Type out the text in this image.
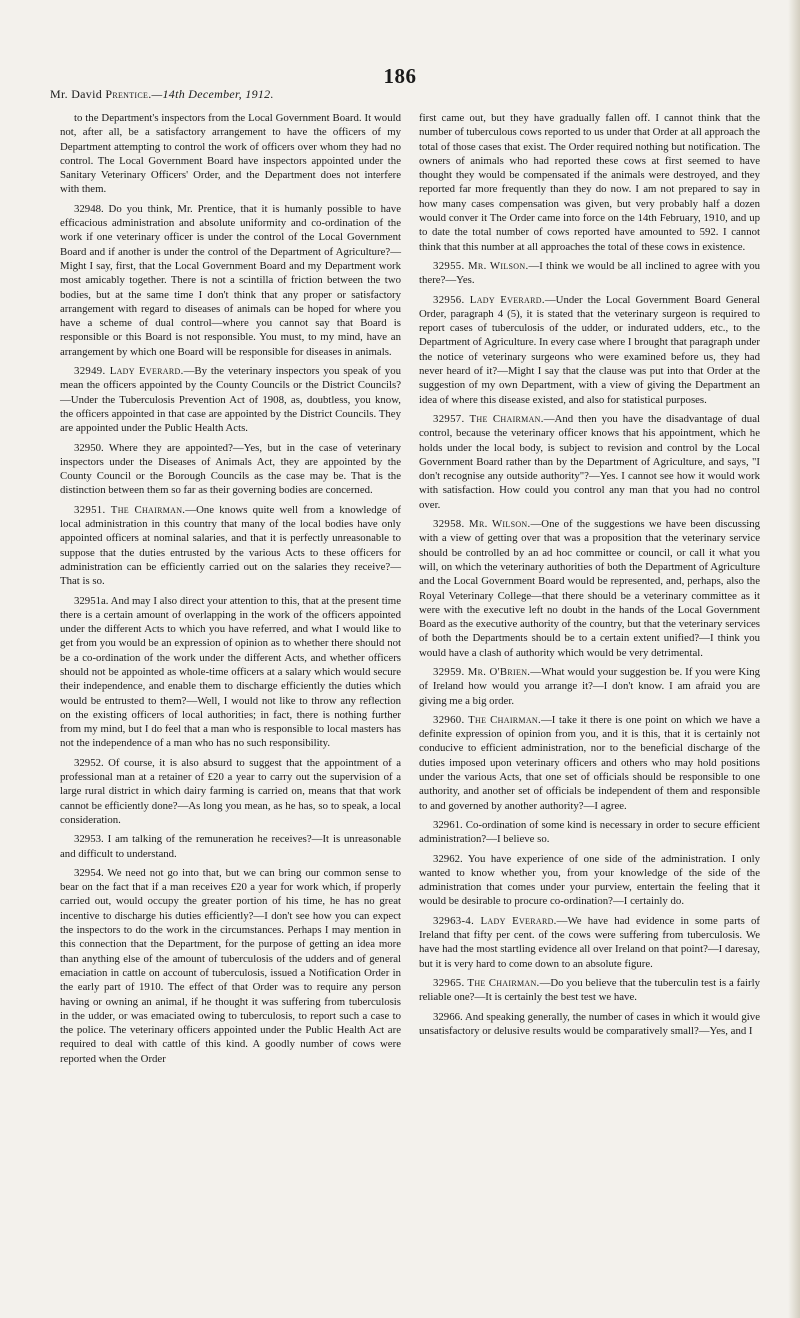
186
Mr. David Prentice.—14th December, 1912.

to the Department's inspectors from the Local Government Board. It would not, after all, be a satisfactory arrangement to have the officers of my Department attempting to control the work of officers over whom they had no control. The Local Government Board have inspectors appointed under the Sanitary Veterinary Officers' Order, and the Department does not interfere with them.

32948. Do you think, Mr. Prentice, that it is humanly possible to have efficacious administration and absolute uniformity and co-ordination of the work if one veterinary officer is under the control of the Local Government Board and if another is under the control of the Department of Agriculture?—Might I say, first, that the Local Government Board and my Department work most amicably together. There is not a scintilla of friction between the two bodies, but at the same time I don't think that any proper or satisfactory arrangement with regard to diseases of animals can be hoped for where you have a scheme of dual control—where you cannot say that Board is responsible or this Board is not responsible. You must, to my mind, have an arrangement by which one Board will be responsible for diseases in animals.

32949. Lady Everard.—By the veterinary inspectors you speak of you mean the officers appointed by the County Councils or the District Councils?—Under the Tuberculosis Prevention Act of 1908, as, doubtless, you know, the officers appointed in that case are appointed by the District Councils. They are appointed under the Public Health Acts.

32950. Where they are appointed?—Yes, but in the case of veterinary inspectors under the Diseases of Animals Act, they are appointed by the County Council or the Borough Councils as the case may be. That is the distinction between them so far as their governing bodies are concerned.

32951. The Chairman.—One knows quite well from a knowledge of local administration in this country that many of the local bodies have only appointed officers at nominal salaries, and that it is perfectly unreasonable to suppose that the duties entrusted by the various Acts to these officers for administration can be efficiently carried out on the salaries they receive?—That is so.

32951a. And may I also direct your attention to this, that at the present time there is a certain amount of overlapping in the work of the officers appointed under the different Acts to which you have referred, and what I would like to get from you would be an expression of opinion as to whether there should not be a co-ordination of the work under the different Acts, and whether officers should not be appointed as whole-time officers at a salary which would secure their independence, and enable them to discharge efficiently the duties which would be entrusted to them?—Well, I would not like to throw any reflection on the existing officers of local authorities; in fact, there is nothing further from my mind, but I do feel that a man who is responsible to local masters has not the independence of a man who has no such responsibility.

32952. Of course, it is also absurd to suggest that the appointment of a professional man at a retainer of £20 a year to carry out the supervision of a large rural district in which dairy farming is carried on, means that that work cannot be efficiently done?—As long you mean, as he has, so to speak, a local consideration.

32953. I am talking of the remuneration he receives?—It is unreasonable and difficult to understand.

32954. We need not go into that, but we can bring our common sense to bear on the fact that if a man receives £20 a year for work which, if properly carried out, would occupy the greater portion of his time, he has no great incentive to discharge his duties efficiently?—I don't see how you can expect the inspectors to do the work in the circumstances. Perhaps I may mention in this connection that the Department, for the purpose of getting an idea more than anything else of the amount of tuberculosis of the udders and of general emaciation in cattle on account of tuberculosis, issued a Notification Order in the early part of 1910. The effect of that Order was to require any person having or owning an animal, if he thought it was suffering from tuberculosis in the udder, or was emaciated owing to tuberculosis, to report such a case to the police. The veterinary officers appointed under the Public Health Act are required to deal with cattle of this kind. A goodly number of cows were reported when the Order

first came out, but they have gradually fallen off. I cannot think that the number of tuberculous cows reported to us under that Order at all approach the total of those cases that exist. The Order required nothing but notification. The owners of animals who had reported these cows at first seemed to have thought they would be compensated if the animals were destroyed, and they reported far more frequently than they do now. I am not prepared to say in how many cases compensation was given, but very probably half a dozen would conver it The Order came into force on the 14th February, 1910, and up to date the total number of cows reported have amounted to 592. I cannot think that this number at all approaches the total of these cows in existence.

32955. Mr. Wilson.—I think we would be all inclined to agree with you there?—Yes.

32956. Lady Everard.—Under the Local Government Board General Order, paragraph 4 (5), it is stated that the veterinary surgeon is required to report cases of tuberculosis of the udder, or indurated udders, etc., to the Department of Agriculture. In every case where I brought that paragraph under the notice of veterinary surgeons who were examined before us, they had never heard of it?—Might I say that the clause was put into that Order at the suggestion of my own Department, with a view of giving the Department an idea of where this disease existed, and also for statistical purposes.

32957. The Chairman.—And then you have the disadvantage of dual control, because the veterinary officer knows that his appointment, which he holds under the local body, is subject to revision and control by the Local Government Board rather than by the Department of Agriculture, and says, "I don't recognise any outside authority"?—Yes. I cannot see how it would work with satisfaction. How could you control any man that you had no control over.

32958. Mr. Wilson.—One of the suggestions we have been discussing with a view of getting over that was a proposition that the veterinary service should be controlled by an ad hoc committee or council, or call it what you will, on which the veterinary authorities of both the Department of Agriculture and the Local Government Board would be represented, and, perhaps, also the Royal Veterinary College—that there should be a veterinary committee as it were with the executive left no doubt in the hands of the Local Government Board as the executive authority of the country, but that the veterinary services of both the Departments should be to a certain extent unified?—I think you would have a clash of authority which would be very detrimental.

32959. Mr. O'Brien.—What would your suggestion be. If you were King of Ireland how would you arrange it?—I don't know. I am afraid you are giving me a big order.

32960. The Chairman.—I take it there is one point on which we have a definite expression of opinion from you, and it is this, that it is certainly not conducive to efficient administration, nor to the beneficial discharge of the duties imposed upon veterinary officers and others who may hold positions under the various Acts, that one set of officials should be responsible to one authority, and another set of officials be independent of them and responsible to and governed by another authority?—I agree.

32961. Co-ordination of some kind is necessary in order to secure efficient administration?—I believe so.

32962. You have experience of one side of the administration. I only wanted to know whether you, from your knowledge of the side of the administration that comes under your purview, entertain the feeling that it would be desirable to procure co-ordination?—I certainly do.

32963-4. Lady Everard.—We have had evidence in some parts of Ireland that fifty per cent. of the cows were suffering from tuberculosis. We have had the most startling evidence all over Ireland on that point?—I daresay, but it is very hard to come down to an absolute figure.

32965. The Chairman.—Do you believe that the tuberculin test is a fairly reliable one?—It is certainly the best test we have.

32966. And speaking generally, the number of cases in which it would give unsatisfactory or delusive results would be comparatively small?—Yes, and I
